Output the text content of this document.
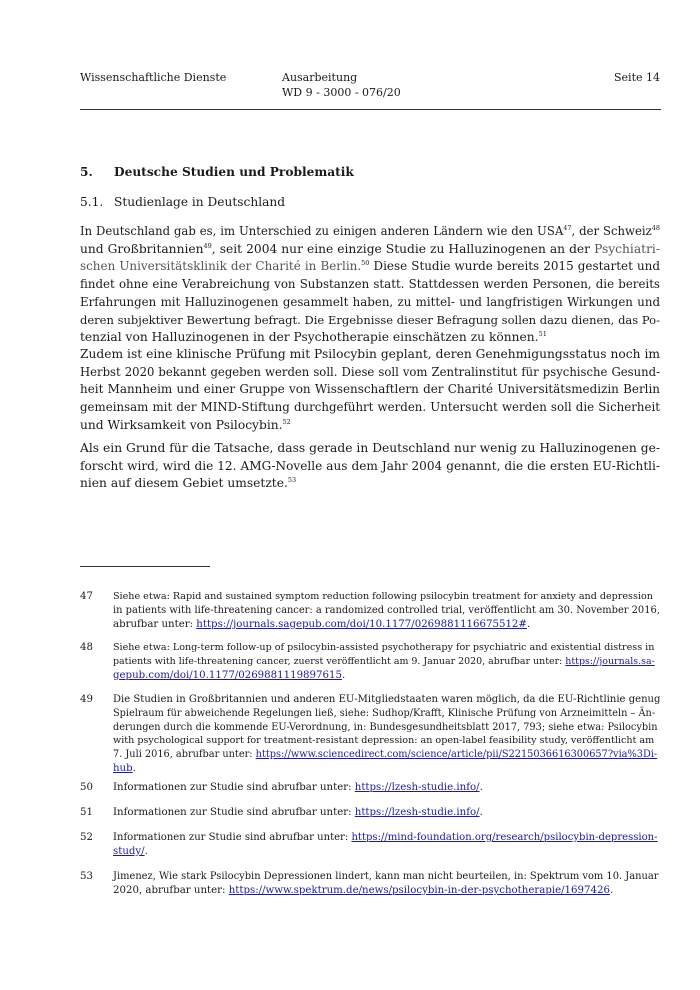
Wissenschaftliche Dienste	Ausarbeitung
WD 9 - 3000 - 076/20
Seite 14
5. Deutsche Studien und Problematik
5.1. Studienlage in Deutschland
In Deutschland gab es, im Unterschied zu einigen anderen Ländern wie den USA$^{47}$, der Schweiz$^{48}$
und Großbritannien$^{49}$, seit 2004 nur eine einzige Studie zu Halluzinogenen an der Psychiatri-
schen Universitätsklinik der Charité in Berlin.$^{50}$ Diese Studie wurde bereits 2015 gestartet und
findet ohne eine Verabreichung von Substanzen statt. Stattdessen werden Personen, die bereits
Erfahrungen mit Halluzinogenen gesammelt haben, zu mittel- und langfristigen Wirkungen und
deren subjektiver Bewertung befragt. Die Ergebnisse dieser Befragung sollen dazu dienen, das Po-
tenzial von Halluzinogenen in der Psychotherapie einschätzen zu können.$^{51}$
Zudem ist eine klinische Prüfung mit Psilocybin geplant, deren Genehmigungsstatus noch im
Herbst 2020 bekannt gegeben werden soll. Diese soll vom Zentralinstitut für psychische Gesund-
heit Mannheim und einer Gruppe von Wissenschaftlern der Charité Universitätsmedizin Berlin
gemeinsam mit der MIND-Stiftung durchgeführt werden. Untersucht werden soll die Sicherheit
und Wirksamkeit von Psilocybin.$^{52}$
Als ein Grund für die Tatsache, dass gerade in Deutschland nur wenig zu Halluzinogenen ge-
forscht wird, wird die 12. AMG-Novelle aus dem Jahr 2004 genannt, die die ersten EU-Richtli-
nien auf diesem Gebiet umsetzte.$^{53}$
47 Siehe etwa: Rapid and sustained symptom reduction following psilocybin treatment for anxiety and depression
in patients with life-threatening cancer: a randomized controlled trial, veröffentlicht am 30. November 2016,
abrufbar unter: https://journals.sagepub.com/doi/10.1177/0269881116675512#.
48 Siehe etwa: Long-term follow-up of psilocybin-assisted psychotherapy for psychiatric and existential distress in
patients with life-threatening cancer, zuerst veröffentlicht am 9. Januar 2020, abrufbar unter: https://journals.sa-
gepub.com/doi/10.1177/0269881119897615.
49 Die Studien in Großbritannien und anderen EU-Mitgliedstaaten waren möglich, da die EU-Richtlinie genug
Spielraum für abweichende Regelungen ließ, siehe: Sudhop/Krafft, Klinische Prüfung von Arzneimitteln – Än-
derungen durch die kommende EU-Verordnung, in: Bundesgesundheitsblatt 2017, 793; siehe etwa: Psilocybin
with psychological support for treatment-resistant depression: an open-label feasibility study, veröffentlicht am
7. Juli 2016, abrufbar unter: https://www.sciencedirect.com/science/article/pii/S2215036616300657?via%3Di-
hub.
50 Informationen zur Studie sind abrufbar unter: https://lzesh-studie.info/.
51 Informationen zur Studie sind abrufbar unter: https://lzesh-studie.info/.
52 Informationen zur Studie sind abrufbar unter: https://mind-foundation.org/research/psilocybin-depression-
study/.
53 Jimenez, Wie stark Psilocybin Depressionen lindert, kann man nicht beurteilen, in: Spektrum vom 10. Januar
2020, abrufbar unter: https://www.spektrum.de/news/psilocybin-in-der-psychotherapie/1697426.
